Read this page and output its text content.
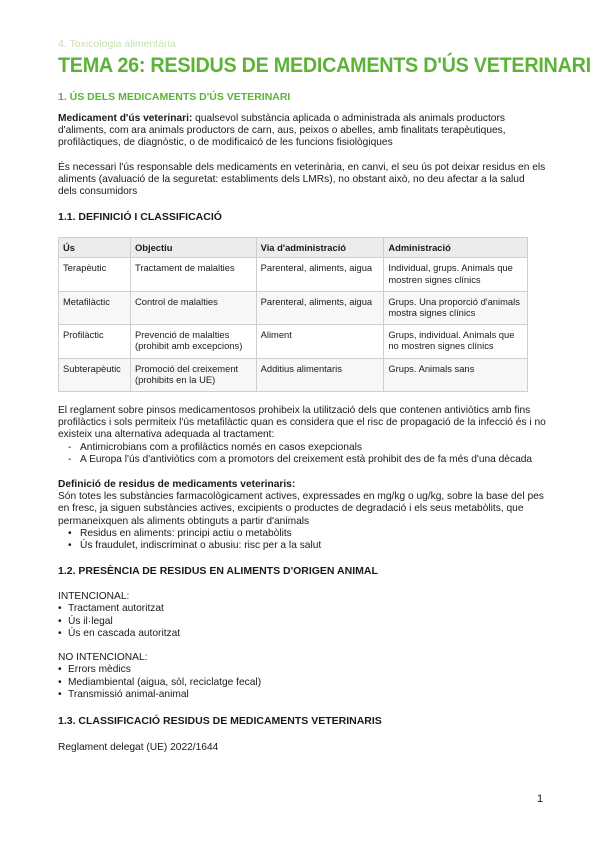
4. Toxicologia alimentària

TEMA 26: RESIDUS DE MEDICAMENTS D'ÚS VETERINARI
1. ÚS DELS MEDICAMENTS D'ÚS VETERINARI

Medicament d'ús veterinari: qualsevol substància aplicada o administrada als animals productors d'aliments, com ara animals productors de carn, aus, peixos o abelles, amb finalitats terapèutiques, profilàctiques, de diagnòstic, o de modificaicó de les funcions fisiològiques

És necessari l'ús responsable dels medicaments en veterinària, en canvi, el seu ús pot deixar residus en els aliments (avaluació de la seguretat: establiments dels LMRs), no obstant això, no deu afectar a la salud dels consumidors

1.1. DEFINICIÓ I CLASSIFICACIÓ
Ús	Objectiu	Via d'administració	Administració
Terapèutic	Tractament de malalties	Parenteral, aliments, aigua	Individual, grups. Animals que mostren signes clínics
Metafilàctic	Control de malalties	Parenteral, aliments, aigua	Grups. Una proporció d'animals mostra signes clínics
Profilàctic	Prevenció de malalties (prohibit amb excepcions)	Aliment	Grups, individual. Animals que no mostren signes clínics
Subterapèutic	Promoció del creixement (prohibits en la UE)	Additius alimentaris	Grups. Animals sans

El reglament sobre pinsos medicamentosos prohibeix la utilització dels que contenen antiviòtics amb fins profilàctics i sols permiteix l'ús metafilàctic quan es considera que el risc de propagació de la infecció és i no existeix una alternativa adequada al tractament:

- Antimicrobians com a profilàctics només en casos exepcionals
- A Europa l'ús d'antiviòtics com a promotors del creixement està prohibit des de fa més d'una dècada

Definició de residus de medicaments veterinaris:

Són totes les substàncies farmacològicament actives, expressades en mg/kg o ug/kg, sobre la base del pes en fresc, ja siguen substàncies actives, excipients o productes de degradació i els seus metabòlits, que permaneixquen als aliments obtinguts a partir d'animals

• Residus en aliments: principi actiu o metabòlits
• Ús fraudulet, indiscriminat o abusiu: risc per a la salut
1.2. PRESÈNCIA DE RESIDUS EN ALIMENTS D'ORIGEN ANIMAL

INTENCIONAL:

• Tractament autoritzat
• Ús il·legal
• Ús en cascada autoritzat

NO INTENCIONAL:

• Errors mèdics
• Mediambiental (aigua, sòl, reciclatge fecal)
• Transmissió animal-animal
1.3. CLASSIFICACIÓ RESIDUS DE MEDICAMENTS VETERINARIS

Reglament delegat (UE) 2022/1644

1
